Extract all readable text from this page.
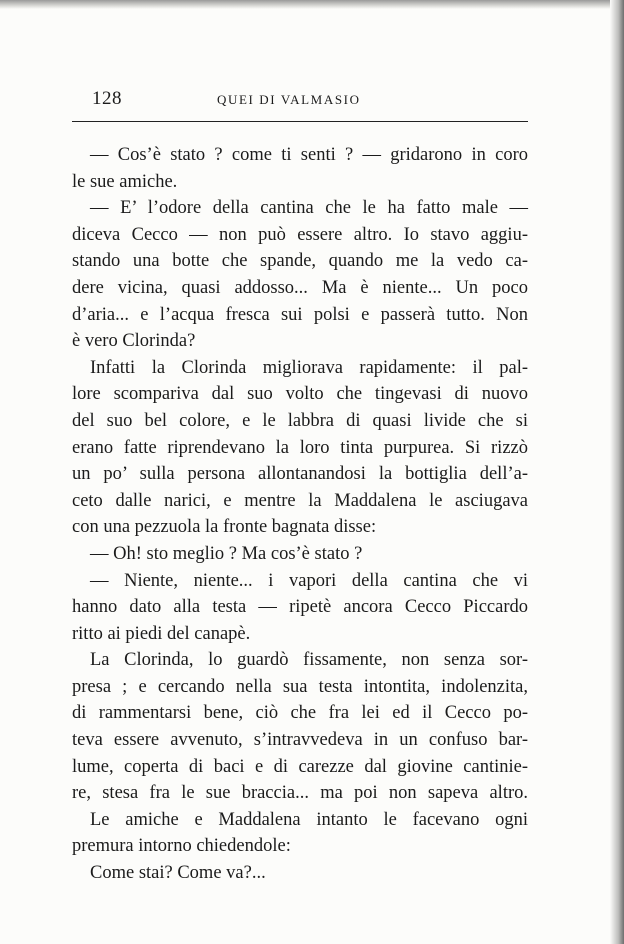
128	QUEI DI VALMASIO
— Cos’è stato ? come ti senti ? — gridarono in coro
le sue amiche.
— E’ l’odore della cantina che le ha fatto male —
diceva Cecco — non può essere altro. Io stavo aggiu-
standо una botte che spande, quando me la vedo ca-
dere vicina, quasi addosso... Ma è niente... Un poco
d’aria... e l’acqua fresca sui polsi e passerà tutto. Non
è vero Clorinda?
Infatti la Clorinda migliorava rapidamente: il pal-
lore scompariva dal suo volto che tingevasi di nuovo
del suo bel colore, e le labbra di quasi livide che si
erano fatte riprendevano la loro tinta purpurea. Si rizzò
un po’ sulla persona allontanandosi la bottiglia dell’a-
ceto dalle narici, e mentre la Maddalena le asciugava
con una pezzuola la fronte bagnata disse:
— Oh! sto meglio ? Ma cos’è stato ?
— Niente, niente... i vapori della cantina che vi
hanno dato alla testa — ripetè ancora Cecco Piccardo
ritto ai piedi del canapè.
La Clorinda, lo guardò fissamente, non senza sor-
presa ; e cercando nella sua testa intontita, indolenzita,
di rammentarsi bene, ciò che fra lei ed il Cecco po-
teva essere avvenuto, s’intravvedeva in un confuso bar-
lume, coperta di baci e di carezze dal giovine cantinie-
re, stesa fra le sue braccia... ma poi non sapeva altro.
Le amiche e Maddalena intanto le facevano ogni
premura intorno chiedendole:
Come stai? Come va?...
